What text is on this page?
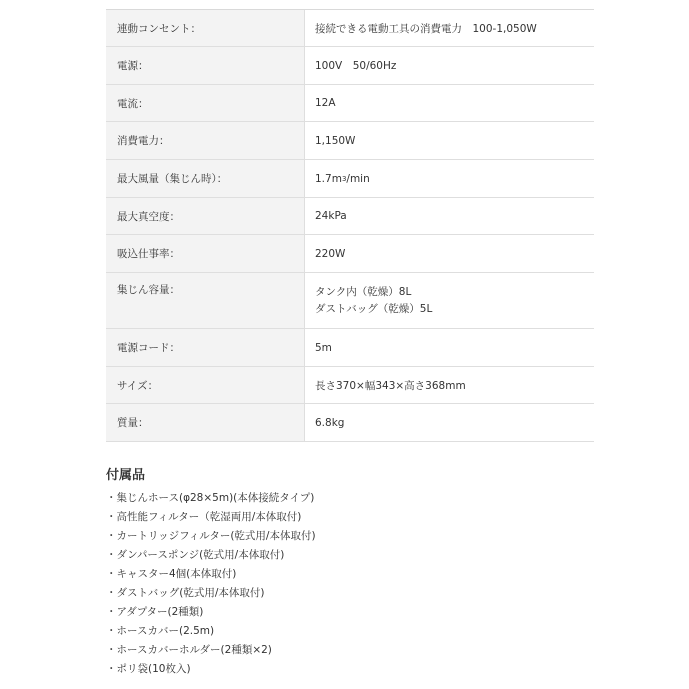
連動コンセント：	接続できる電動工具の消費電力　100-1,050W
電源：	100V　50/60Hz
電流：	12A
消費電力：	1,150W
最大風量（集じん時）：	1.7m 3 /min
最大真空度：	24kPa
吸込仕事率：	220W
集じん容量：	タンク内（乾燥）8L
ダストバッグ（乾燥）5L
電源コード：	5m
サイズ：	長さ370×幅343×高さ368mm
質量：	6.8kg
付属品
・集じんホース(φ28×5m)(本体接続タイプ)
・高性能フィルター（乾湿両用/本体取付)
・カートリッジフィルター(乾式用/本体取付)
・ダンパースポンジ(乾式用/本体取付)
・キャスター4個(本体取付)
・ダストバッグ(乾式用/本体取付)
・アダプター(2種類)
・ホースカバー(2.5m)
・ホースカバーホルダー(2種類×2)
・ポリ袋(10枚入)
